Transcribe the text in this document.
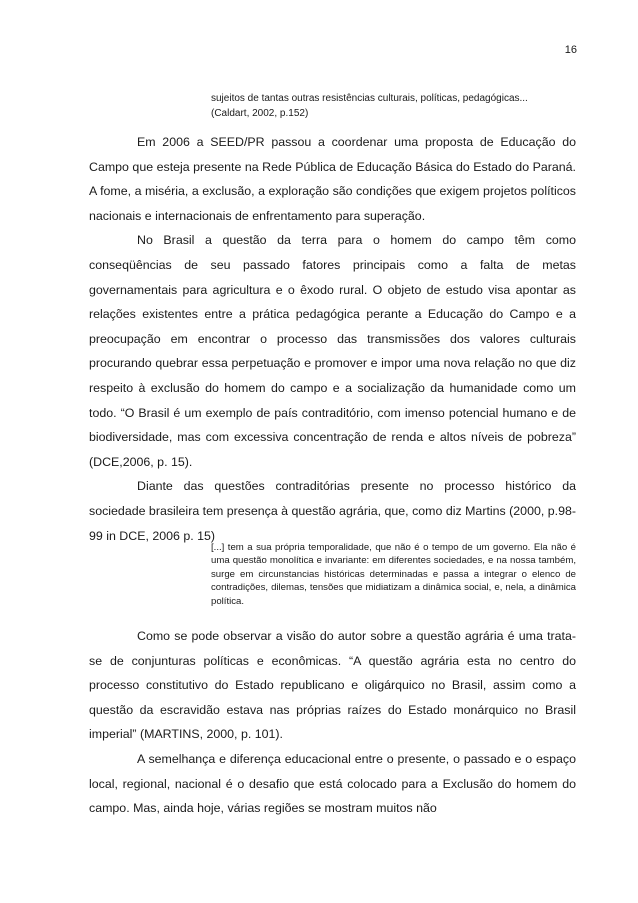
16
sujeitos de tantas outras resistências culturais, políticas, pedagógicas...
(Caldart, 2002, p.152)

Em 2006 a SEED/PR passou a coordenar uma proposta de Educação do Campo que esteja presente na Rede Pública de Educação Básica do Estado do Paraná. A fome, a miséria, a exclusão, a exploração são condições que exigem projetos políticos nacionais e internacionais de enfrentamento para superação.

No Brasil a questão da terra para o homem do campo têm como conseqüências de seu passado fatores principais como a falta de metas governamentais para agricultura e o êxodo rural. O objeto de estudo visa apontar as relações existentes entre a prática pedagógica perante a Educação do Campo e a preocupação em encontrar o processo das transmissões dos valores culturais procurando quebrar essa perpetuação e promover e impor uma nova relação no que diz respeito à exclusão do homem do campo e a socialização da humanidade como um todo. “O Brasil é um exemplo de país contraditório, com imenso potencial humano e de biodiversidade, mas com excessiva concentração de renda e altos níveis de pobreza” (DCE,2006, p. 15).

Diante das questões contraditórias presente no processo histórico da sociedade brasileira tem presença à questão agrária, que, como diz Martins (2000, p.98-99 in DCE, 2006 p. 15)

[...] tem a sua própria temporalidade, que não é o tempo de um governo. Ela não é uma questão monolítica e invariante: em diferentes sociedades, e na nossa também, surge em circunstancias históricas determinadas e passa a integrar o elenco de contradições, dilemas, tensões que midiatizam a dinâmica social, e, nela, a dinâmica política.

Como se pode observar a visão do autor sobre a questão agrária é uma trata-se de conjunturas políticas e econômicas. “A questão agrária esta no centro do processo constitutivo do Estado republicano e oligárquico no Brasil, assim como a questão da escravidão estava nas próprias raízes do Estado monárquico no Brasil imperial” (MARTINS, 2000, p. 101).

A semelhança e diferença educacional entre o presente, o passado e o espaço local, regional, nacional é o desafio que está colocado para a Exclusão do homem do campo. Mas, ainda hoje, várias regiões se mostram muitos não
